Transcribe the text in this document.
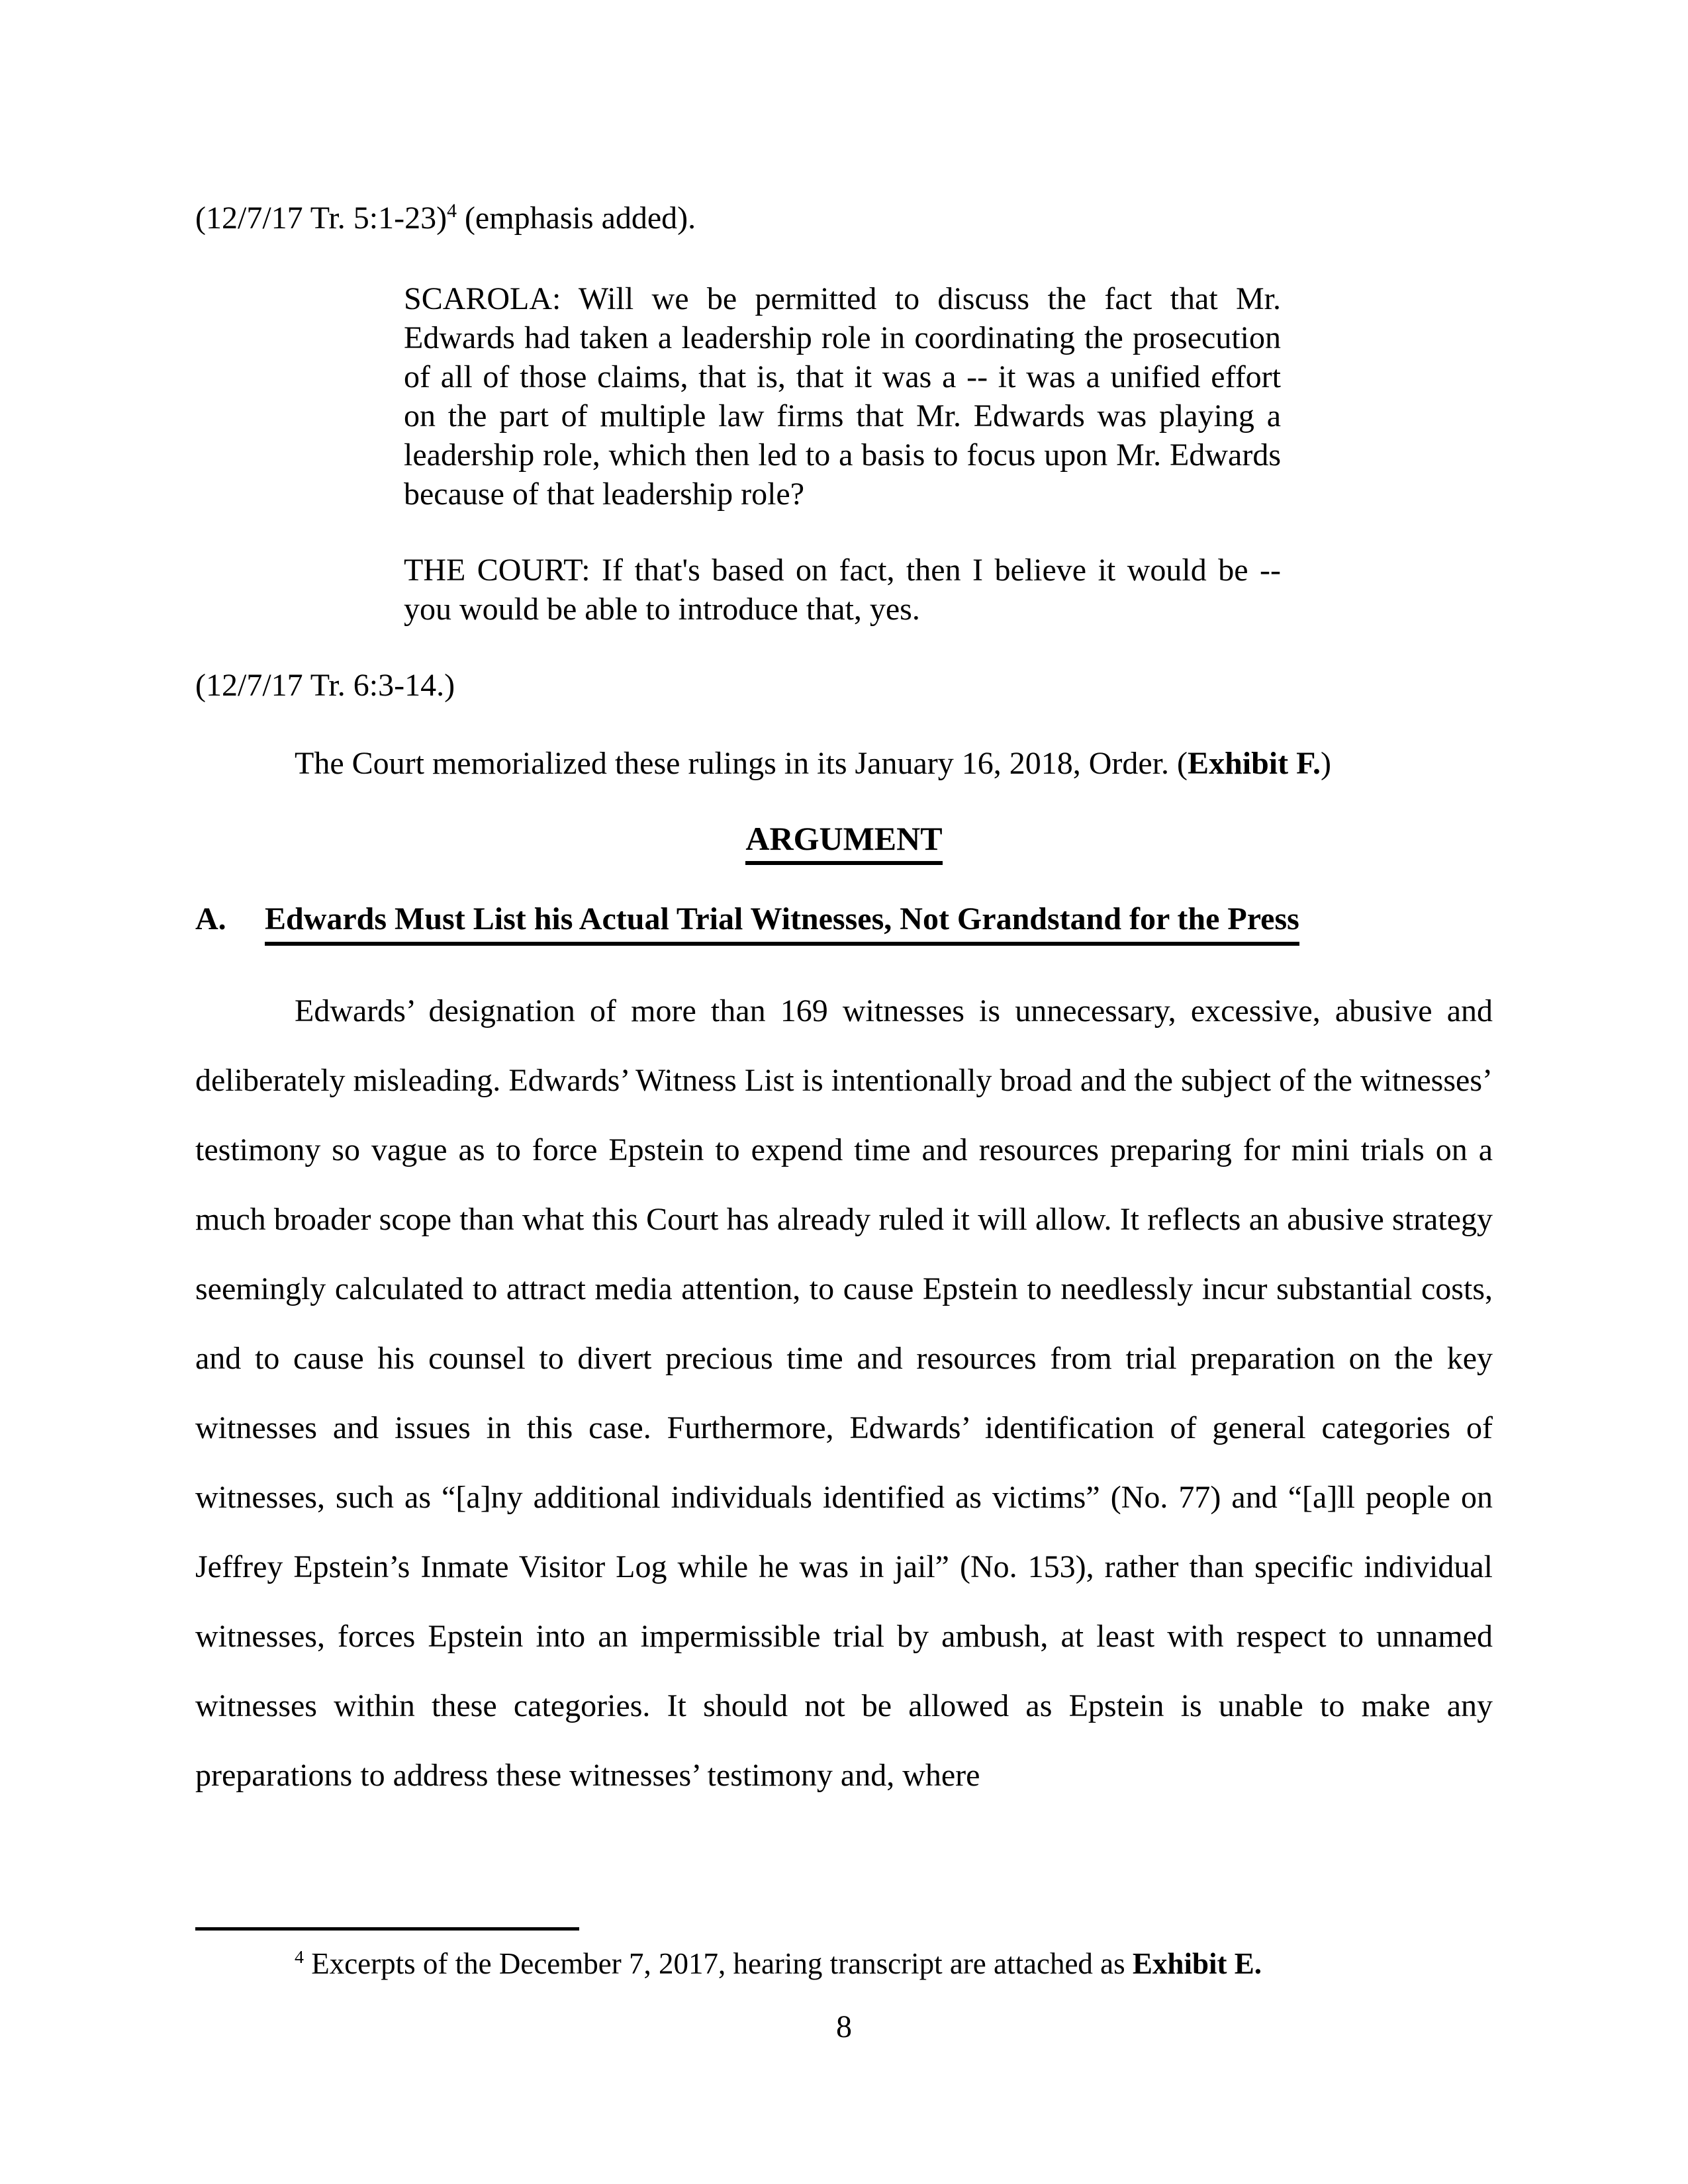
(12/7/17 Tr. 5:1-23)$^4$ (emphasis added).

SCAROLA: Will we be permitted to discuss the fact that Mr. Edwards had taken a leadership role in coordinating the prosecution of all of those claims, that is, that it was a -- it was a unified effort on the part of multiple law firms that Mr. Edwards was playing a leadership role, which then led to a basis to focus upon Mr. Edwards because of that leadership role?

THE COURT: If that's based on fact, then I believe it would be -- you would be able to introduce that, yes.

(12/7/17 Tr. 6:3-14.)

The Court memorialized these rulings in its January 16, 2018, Order. (Exhibit F.)

ARGUMENT

A. Edwards Must List his Actual Trial Witnesses, Not Grandstand for the Press

Edwards’ designation of more than 169 witnesses is unnecessary, excessive, abusive and deliberately misleading. Edwards’ Witness List is intentionally broad and the subject of the witnesses’ testimony so vague as to force Epstein to expend time and resources preparing for mini trials on a much broader scope than what this Court has already ruled it will allow. It reflects an abusive strategy seemingly calculated to attract media attention, to cause Epstein to needlessly incur substantial costs, and to cause his counsel to divert precious time and resources from trial preparation on the key witnesses and issues in this case. Furthermore, Edwards’ identification of general categories of witnesses, such as “[a]ny additional individuals identified as victims” (No. 77) and “[a]ll people on Jeffrey Epstein’s Inmate Visitor Log while he was in jail” (No. 153), rather than specific individual witnesses, forces Epstein into an impermissible trial by ambush, at least with respect to unnamed witnesses within these categories. It should not be allowed as Epstein is unable to make any preparations to address these witnesses’ testimony and, where

$^4$ Excerpts of the December 7, 2017, hearing transcript are attached as Exhibit E.

8
